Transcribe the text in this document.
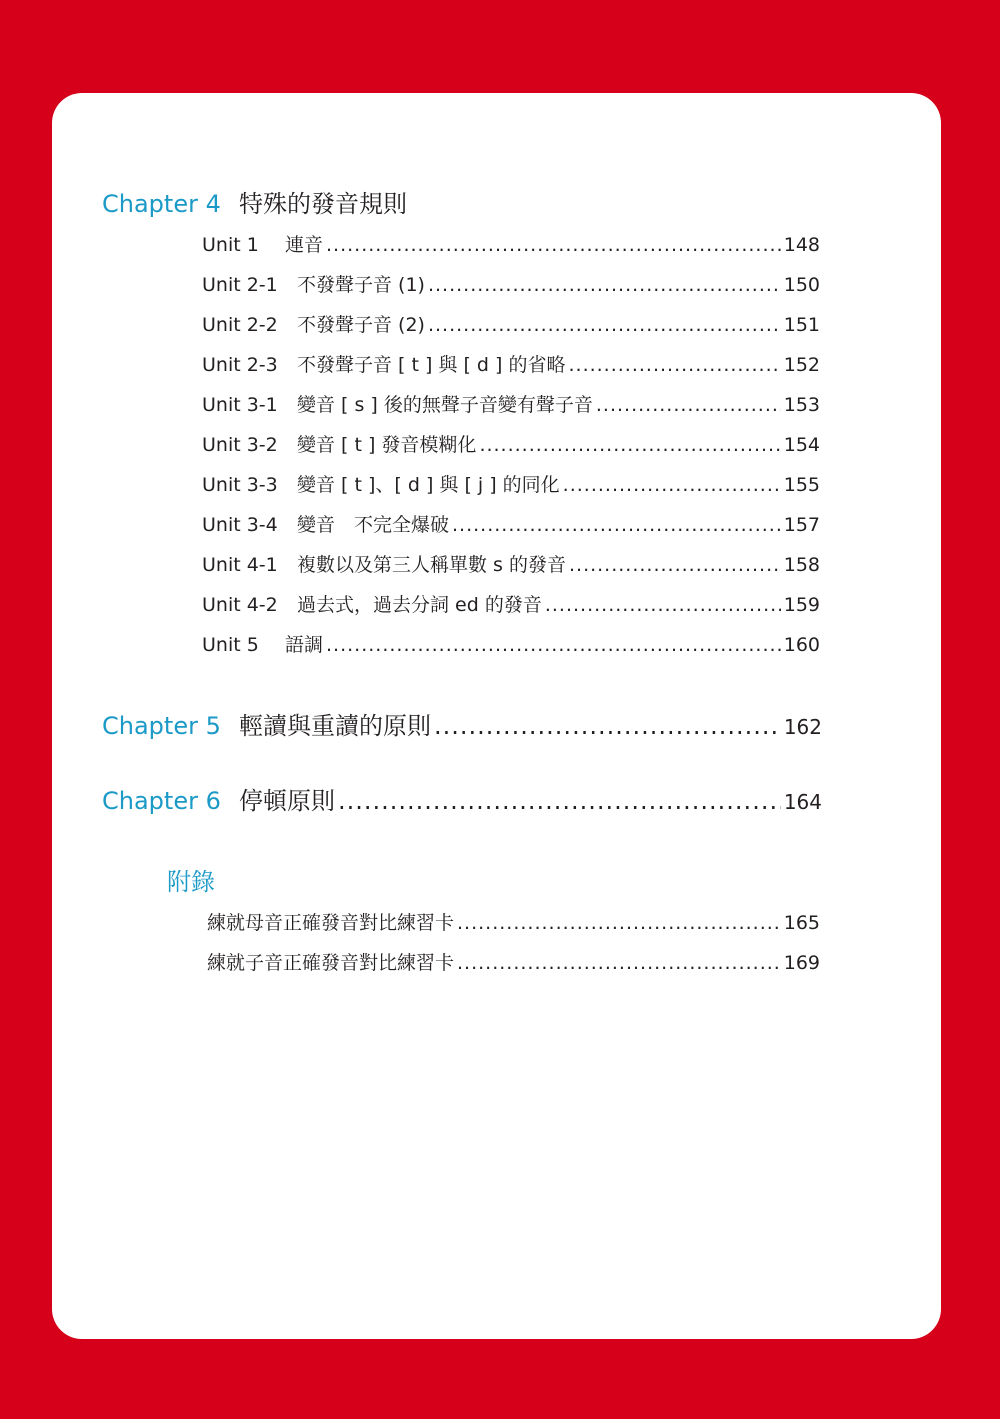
Chapter 4 特殊的發音規則
Unit 1	連音 .....	148
Unit 2-1	不發聲子音 (1) .....	150
Unit 2-2	不發聲子音 (2) .....	151
Unit 2-3	不發聲子音 [ t ] 與 [ d ] 的省略 .....	152
Unit 3-1	變音 [ s ] 後的無聲子音變有聲子音 .....	153
Unit 3-2	變音 [ t ] 發音模糊化 .....	154
Unit 3-3	變音 [ t ]、[ d ] 與 [ j ] 的同化 .....	155
Unit 3-4	變音　不完全爆破 .....	157
Unit 4-1	複數以及第三人稱單數 s 的發音 .....	158
Unit 4-2	過去式，過去分詞 ed 的發音 .....	159
Unit 5	語調 .....	160
Chapter 5 輕讀與重讀的原則 .....	162
Chapter 6 停頓原則 .....	164
附錄
練就母音正確發音對比練習卡 .....	165
練就子音正確發音對比練習卡 .....	169
